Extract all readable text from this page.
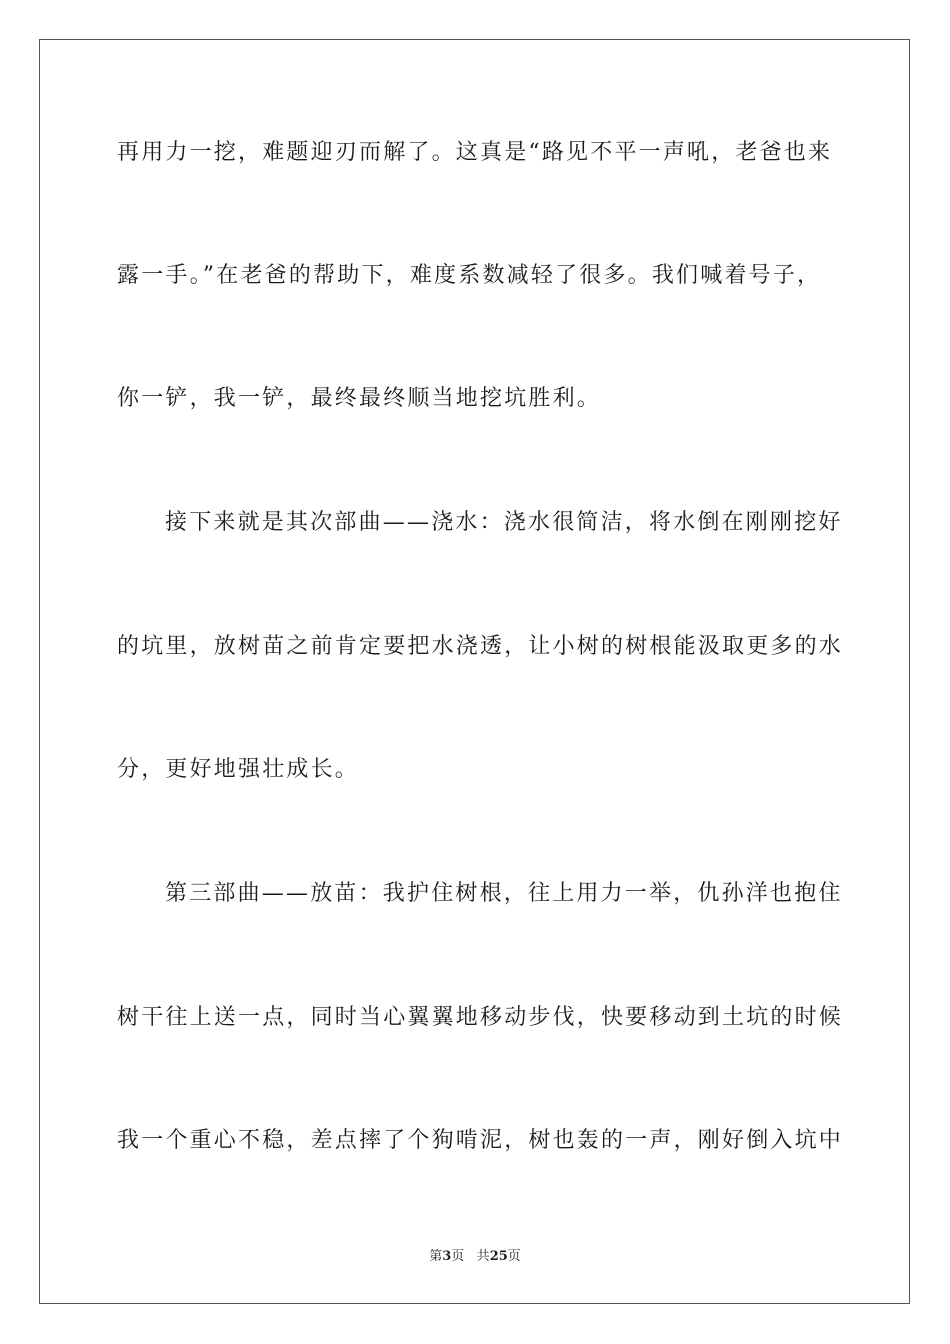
再用力一挖，难题迎刃而解了。这真是“路见不平一声吼，老爸也来
露一手。”在老爸的帮助下，难度系数减轻了很多。我们喊着号子，
你一铲，我一铲，最终最终顺当地挖坑胜利。
接下来就是其次部曲——浇水：浇水很简洁，将水倒在刚刚挖好
的坑里，放树苗之前肯定要把水浇透，让小树的树根能汲取更多的水
分，更好地强壮成长。
第三部曲——放苗：我护住树根，往上用力一举，仇孙洋也抱住
树干往上送一点，同时当心翼翼地移动步伐，快要移动到土坑的时候
我一个重心不稳，差点摔了个狗啃泥，树也轰的一声，刚好倒入坑中
第3页 共25页
